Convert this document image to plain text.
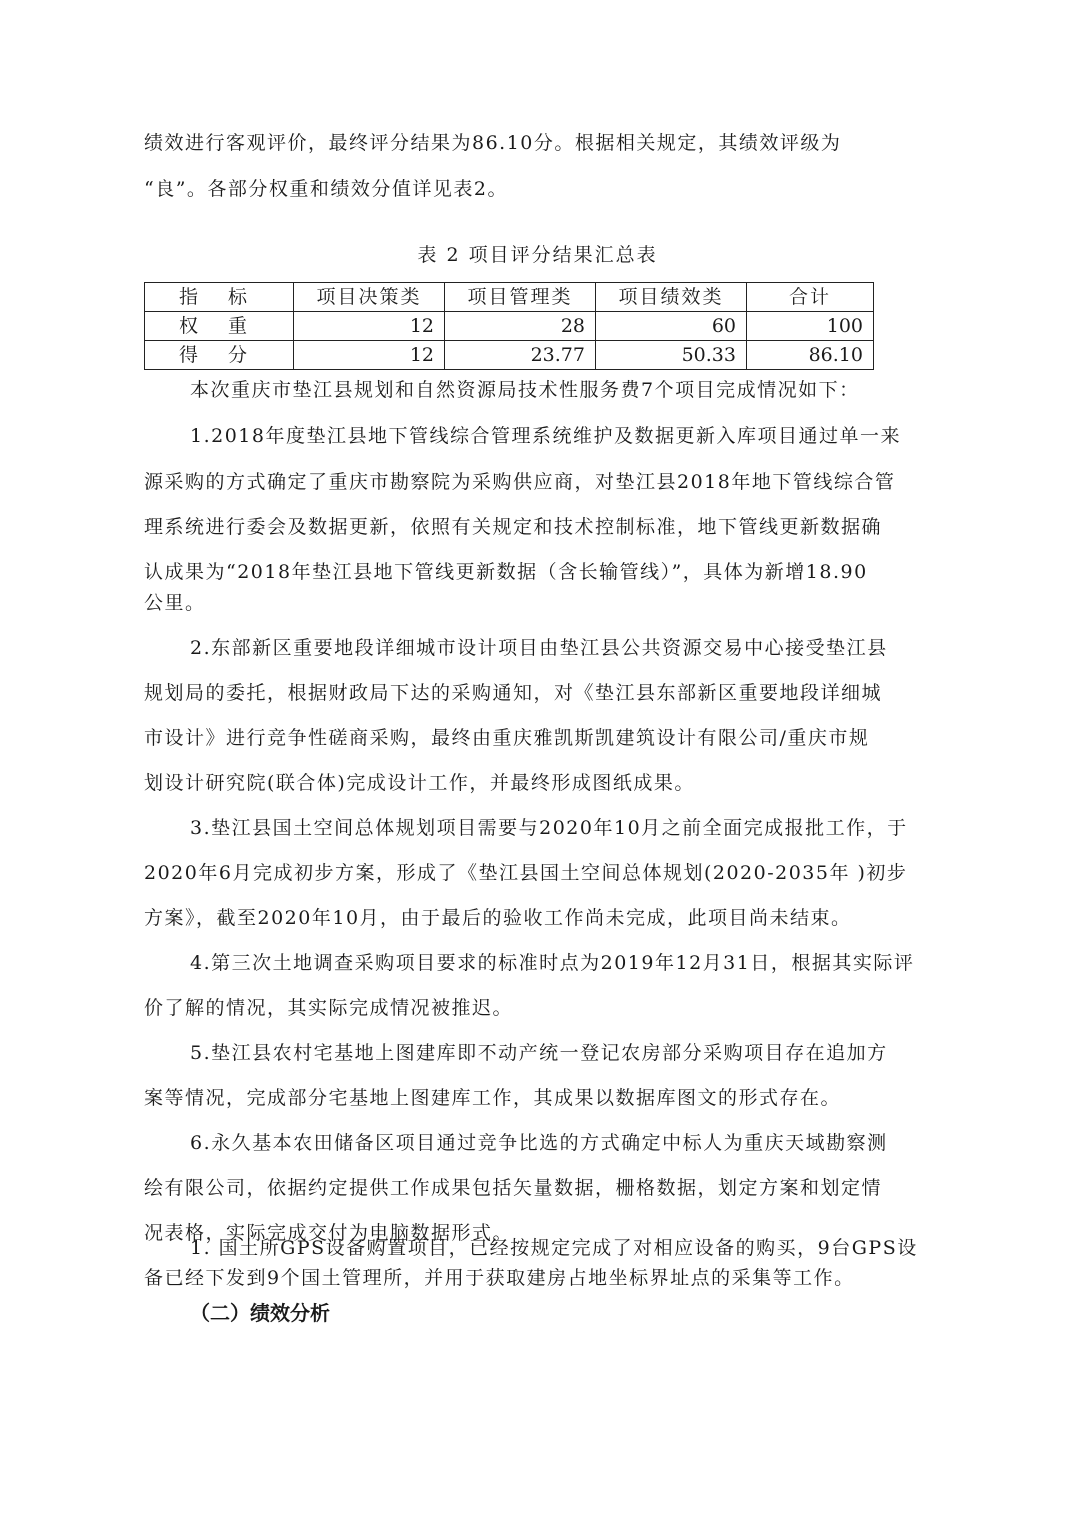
绩效进行客观评价，最终评分结果为86.10分。根据相关规定，其绩效评级为
“良”。各部分权重和绩效分值详见表2。
表 2 项目评分结果汇总表
指 标	项目决策类	项目管理类	项目绩效类	合计
权 重	12	28	60	100
得 分	12	23.77	50.33	86.10
本次重庆市垫江县规划和自然资源局技术性服务费7个项目完成情况如下：
1.2018年度垫江县地下管线综合管理系统维护及数据更新入库项目通过单一来
源采购的方式确定了重庆市勘察院为采购供应商，对垫江县2018年地下管线综合管
理系统进行委会及数据更新，依照有关规定和技术控制标准，地下管线更新数据确
认成果为“2018年垫江县地下管线更新数据（含长输管线）”，具体为新增18.90
公里。
2.东部新区重要地段详细城市设计项目由垫江县公共资源交易中心接受垫江县
规划局的委托，根据财政局下达的采购通知，对《垫江县东部新区重要地段详细城
市设计》进行竞争性磋商采购，最终由重庆雅凯斯凯建筑设计有限公司/重庆市规
划设计研究院(联合体)完成设计工作，并最终形成图纸成果。
3.垫江县国土空间总体规划项目需要与2020年10月之前全面完成报批工作，于
2020年6月完成初步方案，形成了《垫江县国土空间总体规划(2020-2035年 )初步
方案》，截至2020年10月，由于最后的验收工作尚未完成，此项目尚未结束。
4.第三次土地调查采购项目要求的标准时点为2019年12月31日，根据其实际评
价了解的情况，其实际完成情况被推迟。
5.垫江县农村宅基地上图建库即不动产统一登记农房部分采购项目存在追加方
案等情况，完成部分宅基地上图建库工作，其成果以数据库图文的形式存在。
6.永久基本农田储备区项目通过竞争比选的方式确定中标人为重庆天域勘察测
绘有限公司，依据约定提供工作成果包括矢量数据，栅格数据，划定方案和划定情
况表格，实际完成交付为电脑数据形式。
1. 国土所GPS设备购置项目，已经按规定完成了对相应设备的购买，9台GPS设
备已经下发到9个国土管理所，并用于获取建房占地坐标界址点的采集等工作。
（二）绩效分析
